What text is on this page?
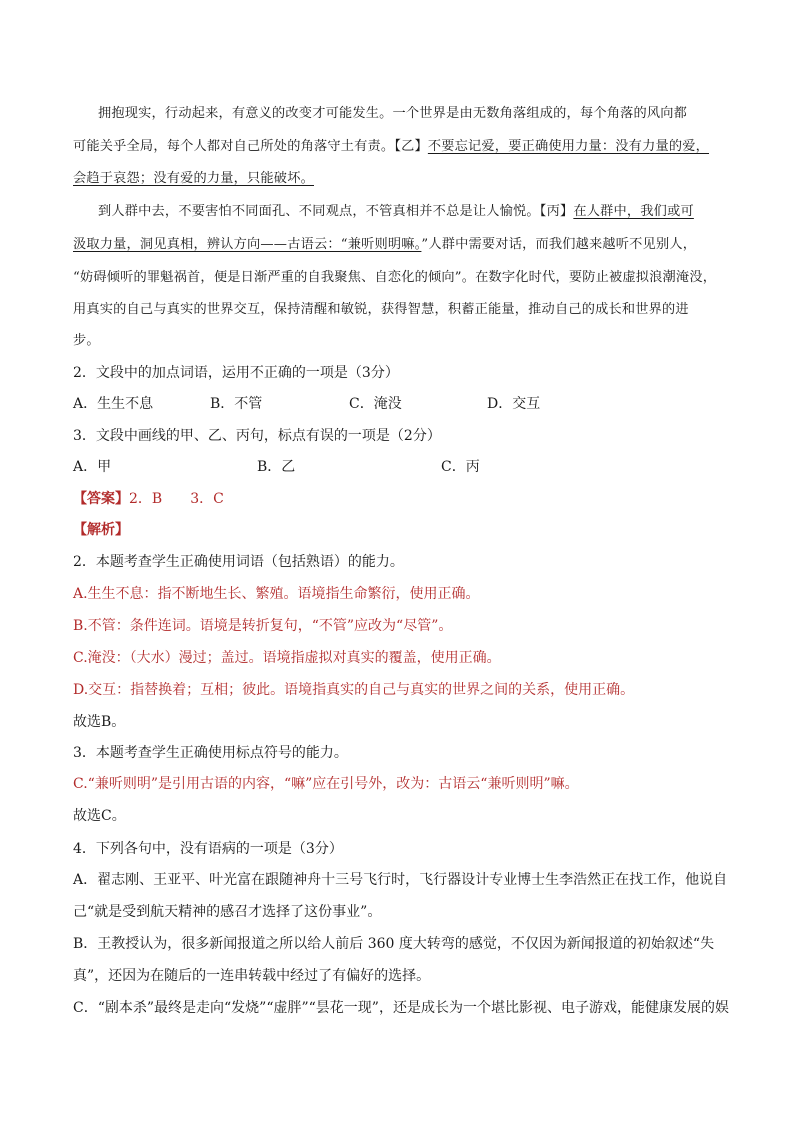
拥抱现实，行动起来，有意义的改变才可能发生。一个世界是由无数角落组成的，每个角落的风向都
可能关乎全局，每个人都对自己所处的角落守土有责。【乙】不要忘记爱，要正确使用力量：没有力量的爱，
会趋于哀怨；没有爱的力量，只能破坏。
到人群中去，不要害怕不同面孔、不同观点，不管真相并不总是让人愉悦。【丙】在人群中，我们或可
汲取力量，洞见真相，辨认方向——古语云：“兼听则明嘛。”人群中需要对话，而我们越来越听不见别人，
“妨碍倾听的罪魁祸首，便是日渐严重的自我聚焦、自恋化的倾向”。在数字化时代，要防止被虚拟浪潮淹没，
用真实的自己与真实的世界交互，保持清醒和敏锐，获得智慧，积蓄正能量，推动自己的成长和世界的进
步。
2．文段中的加点词语，运用不正确的一项是（3分）
A．生生不息	B．不管	C．淹没	D．交互
3．文段中画线的甲、乙、丙句，标点有误的一项是（2分）
A．甲	B．乙	C．丙
【答案】2．B　　3．C
【解析】
2．本题考查学生正确使用词语（包括熟语）的能力。
A.生生不息：指不断地生长、繁殖。语境指生命繁衍，使用正确。
B.不管：条件连词。语境是转折复句，“不管”应改为“尽管”。
C.淹没：（大水）漫过；盖过。语境指虚拟对真实的覆盖，使用正确。
D.交互：指替换着；互相；彼此。语境指真实的自己与真实的世界之间的关系，使用正确。
故选B。
3．本题考查学生正确使用标点符号的能力。
C.“兼听则明”是引用古语的内容，“嘛”应在引号外，改为：古语云“兼听则明”嘛。
故选C。
4．下列各句中，没有语病的一项是（3分）
A．翟志刚、王亚平、叶光富在跟随神舟十三号飞行时，飞行器设计专业博士生李浩然正在找工作，他说自
己“就是受到航天精神的感召才选择了这份事业”。
B．王教授认为，很多新闻报道之所以给人前后 360 度大转弯的感觉，不仅因为新闻报道的初始叙述“失
真”，还因为在随后的一连串转载中经过了有偏好的选择。
C．“剧本杀”最终是走向“发烧”“虚胖”“昙花一现”，还是成长为一个堪比影视、电子游戏，能健康发展的娱
